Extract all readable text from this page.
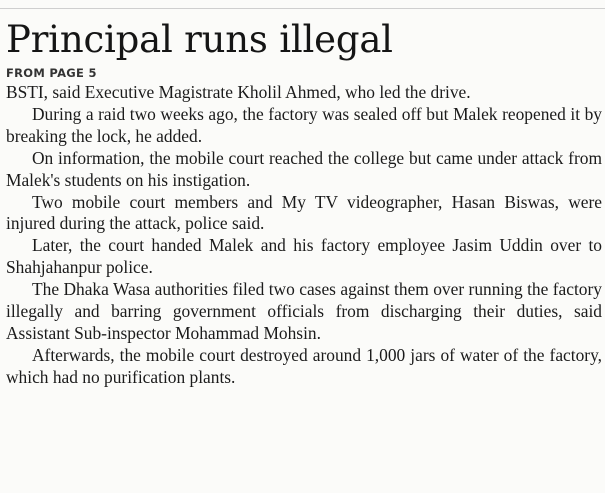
Principal runs illegal
FROM PAGE 5

BSTI, said Executive Magistrate Kholil Ahmed, who led the drive.

During a raid two weeks ago, the factory was sealed off but Malek reopened it by breaking the lock, he added.

On information, the mobile court reached the college but came under attack from Malek's students on his instigation.

Two mobile court members and My TV videographer, Hasan Biswas, were injured during the attack, police said.

Later, the court handed Malek and his factory employee Jasim Uddin over to Shahjahanpur police.

The Dhaka Wasa authorities filed two cases against them over running the factory illegally and barring government officials from discharging their duties, said Assistant Sub-inspector Mohammad Mohsin.

Afterwards, the mobile court destroyed around 1,000 jars of water of the factory, which had no purification plants.
